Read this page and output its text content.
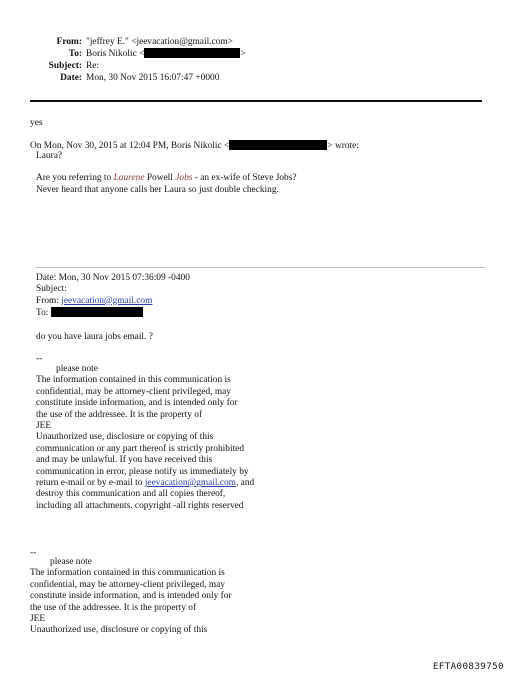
From: "jeffrey E." <jeevacation@gmail.com>
To: Boris Nikolic <	>
Subject: Re:
Date: Mon, 30 Nov 2015 16:07:47 +0000
yes
On Mon, Nov 30, 2015 at 12:04 PM, Boris Nikolic <	> wrote:
Laura?
Are you referring to Laurene Powell Jobs - an ex-wife of Steve Jobs?
Never heard that anyone calls her Laura so just double checking.
Date: Mon, 30 Nov 2015 07:36:09 -0400
Subject:
From: jeevacation@gmail.com
To:
do you have laura jobs email. ?
--
please note
The information contained in this communication is
confidential, may be attorney-client privileged, may
constitute inside information, and is intended only for
the use of the addressee. It is the property of
JEE
Unauthorized use, disclosure or copying of this
communication or any part thereof is strictly prohibited
and may be unlawful. If you have received this
communication in error, please notify us immediately by
return e-mail or by e-mail to jeevacation@gmail.com, and
destroy this communication and all copies thereof,
including all attachments. copyright -all rights reserved
--
please note
The information contained in this communication is
confidential, may be attorney-client privileged, may
constitute inside information, and is intended only for
the use of the addressee. It is the property of
JEE
Unauthorized use, disclosure or copying of this
EFTA00839750
